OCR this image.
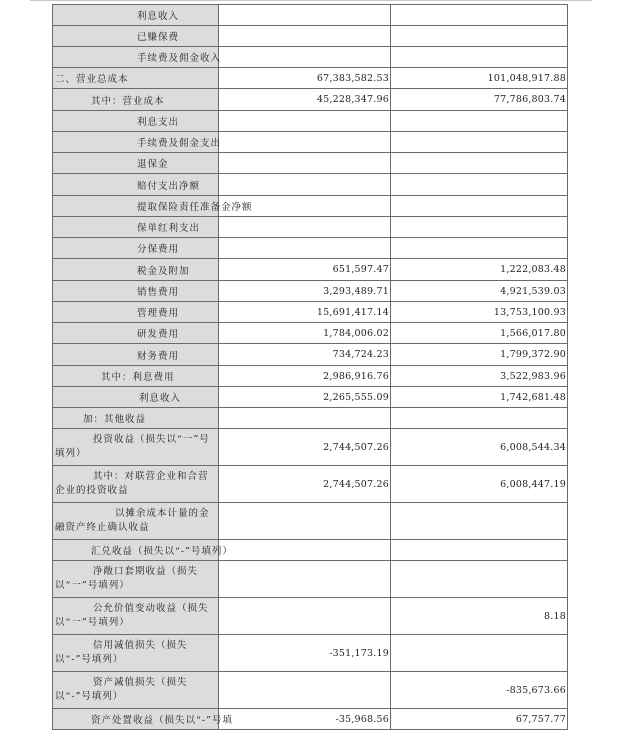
利息收入		
已赚保费		
手续费及佣金收入		
二、营业总成本	67,383,582.53	101,048,917.88
其中：营业成本	45,228,347.96	77,786,803.74
利息支出		
手续费及佣金支出		
退保金		
赔付支出净额		
提取保险责任准备金净额		
保单红利支出		
分保费用		
税金及附加	651,597.47	1,222,083.48
销售费用	3,293,489.71	4,921,539.03
管理费用	15,691,417.14	13,753,100.93
研发费用	1,784,006.02	1,566,017.80
财务费用	734,724.23	1,799,372.90
其中：利息费用	2,986,916.76	3,522,983.96
利息收入	2,265,555.09	1,742,681.48
加：其他收益		
投资收益（损失以“一”号填列）	2,744,507.26	6,008,544.34
其中：对联营企业和合营企业的投资收益	2,744,507.26	6,008,447.19
以摊余成本计量的金融资产终止确认收益		
汇兑收益（损失以“-”号填列）		
净敞口套期收益（损失以“一”号填列）		
公允价值变动收益（损失以“一”号填列）		8.18
信用减值损失（损失以“-”号填列）	-351,173.19	
资产减值损失（损失以“-”号填列）		-835,673.66
资产处置收益（损失以“-”号填	-35,968.56	67,757.77
